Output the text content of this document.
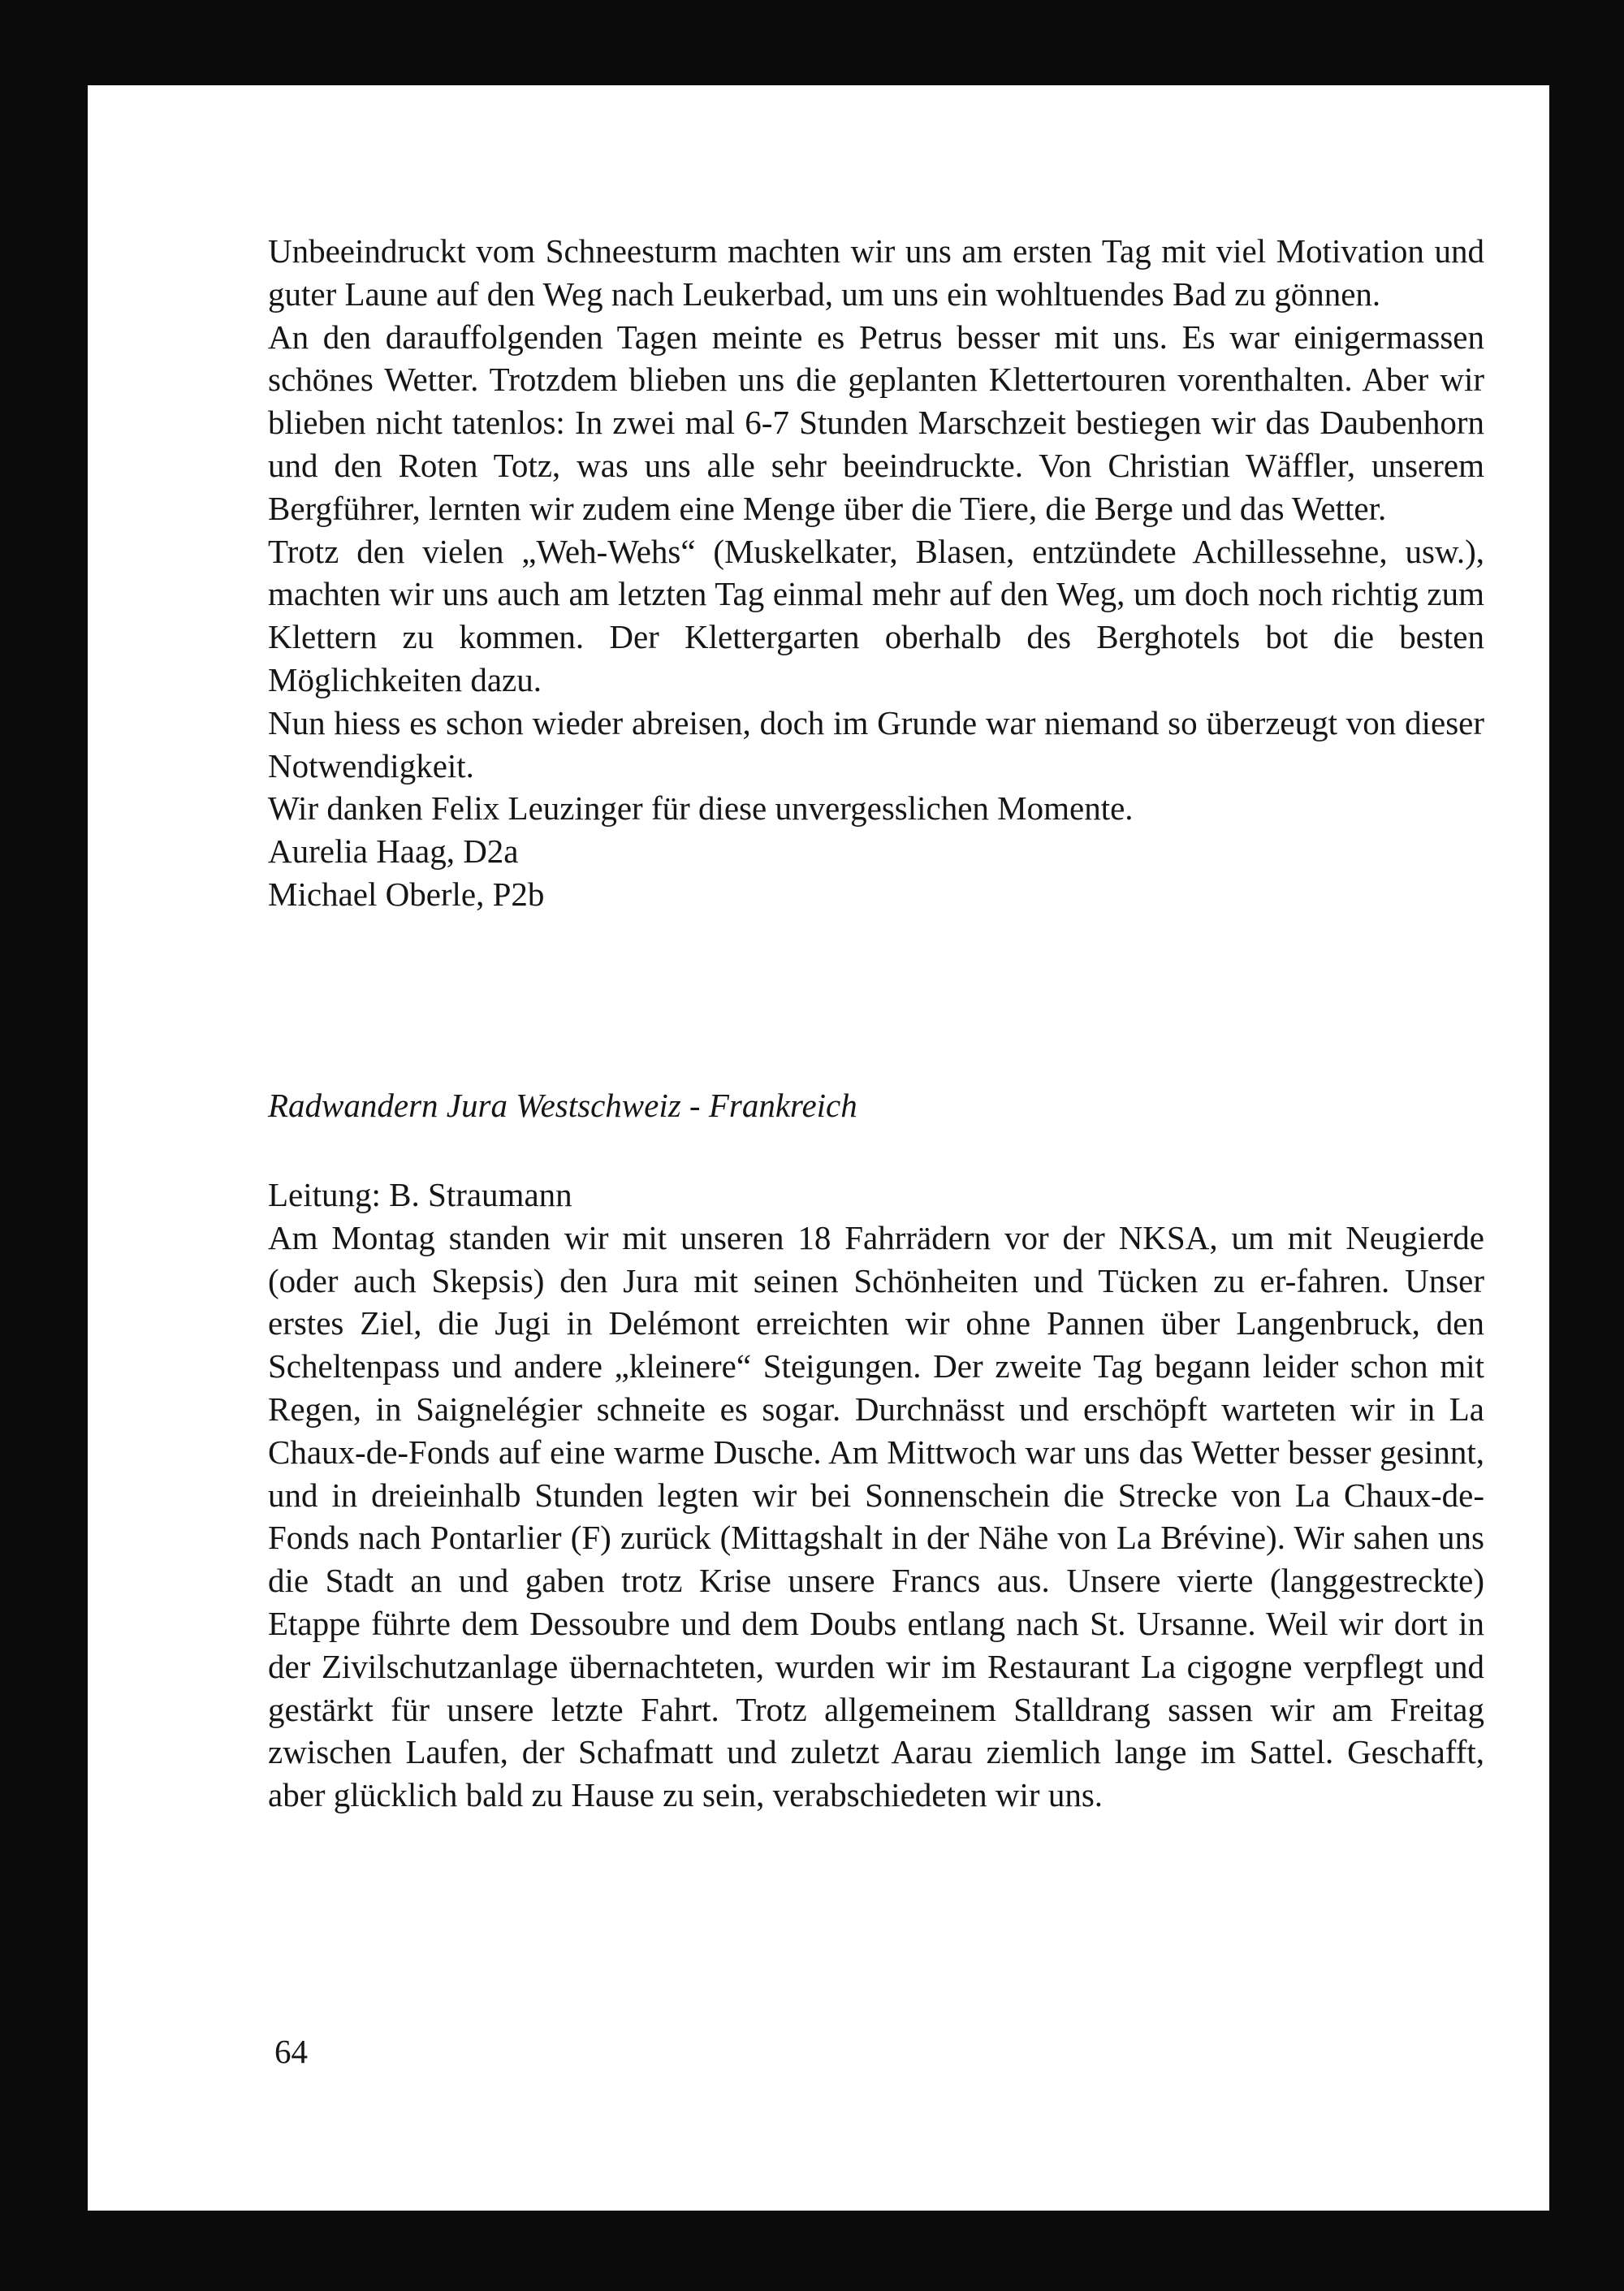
Unbeeindruckt vom Schneesturm machten wir uns am ersten Tag mit viel Motivation und guter Laune auf den Weg nach Leukerbad, um uns ein wohltuendes Bad zu gönnen.

An den darauffolgenden Tagen meinte es Petrus besser mit uns. Es war einigermassen schönes Wetter. Trotzdem blieben uns die geplanten Klettertouren vorenthalten. Aber wir blieben nicht tatenlos: In zwei mal 6-7 Stunden Marschzeit bestiegen wir das Daubenhorn und den Roten Totz, was uns alle sehr beeindruckte. Von Christian Wäffler, unserem Bergführer, lernten wir zudem eine Menge über die Tiere, die Berge und das Wetter.

Trotz den vielen „Weh-Wehs“ (Muskelkater, Blasen, entzündete Achillessehne, usw.), machten wir uns auch am letzten Tag einmal mehr auf den Weg, um doch noch richtig zum Klettern zu kommen. Der Klettergarten oberhalb des Berghotels bot die besten Möglichkeiten dazu.

Nun hiess es schon wieder abreisen, doch im Grunde war niemand so überzeugt von dieser Notwendigkeit.

Wir danken Felix Leuzinger für diese unvergesslichen Momente.

Aurelia Haag, D2a

Michael Oberle, P2b

Radwandern Jura Westschweiz - Frankreich

Leitung: B. Straumann

Am Montag standen wir mit unseren 18 Fahrrädern vor der NKSA, um mit Neugierde (oder auch Skepsis) den Jura mit seinen Schönheiten und Tücken zu er-fahren. Unser erstes Ziel, die Jugi in Delémont erreichten wir ohne Pannen über Langenbruck, den Scheltenpass und andere „kleinere“ Steigungen. Der zweite Tag begann leider schon mit Regen, in Saignelégier schneite es sogar. Durchnässt und erschöpft warteten wir in La Chaux-de-Fonds auf eine warme Dusche. Am Mittwoch war uns das Wetter besser gesinnt, und in dreieinhalb Stunden legten wir bei Sonnenschein die Strecke von La Chaux-de-Fonds nach Pontarlier (F) zurück (Mittagshalt in der Nähe von La Brévine). Wir sahen uns die Stadt an und gaben trotz Krise unsere Francs aus. Unsere vierte (langgestreckte) Etappe führte dem Dessoubre und dem Doubs entlang nach St. Ursanne. Weil wir dort in der Zivilschutzanlage übernachteten, wurden wir im Restaurant La cigogne verpflegt und gestärkt für unsere letzte Fahrt. Trotz allgemeinem Stalldrang sassen wir am Freitag zwischen Laufen, der Schafmatt und zuletzt Aarau ziemlich lange im Sattel. Geschafft, aber glücklich bald zu Hause zu sein, verabschiedeten wir uns.

64
